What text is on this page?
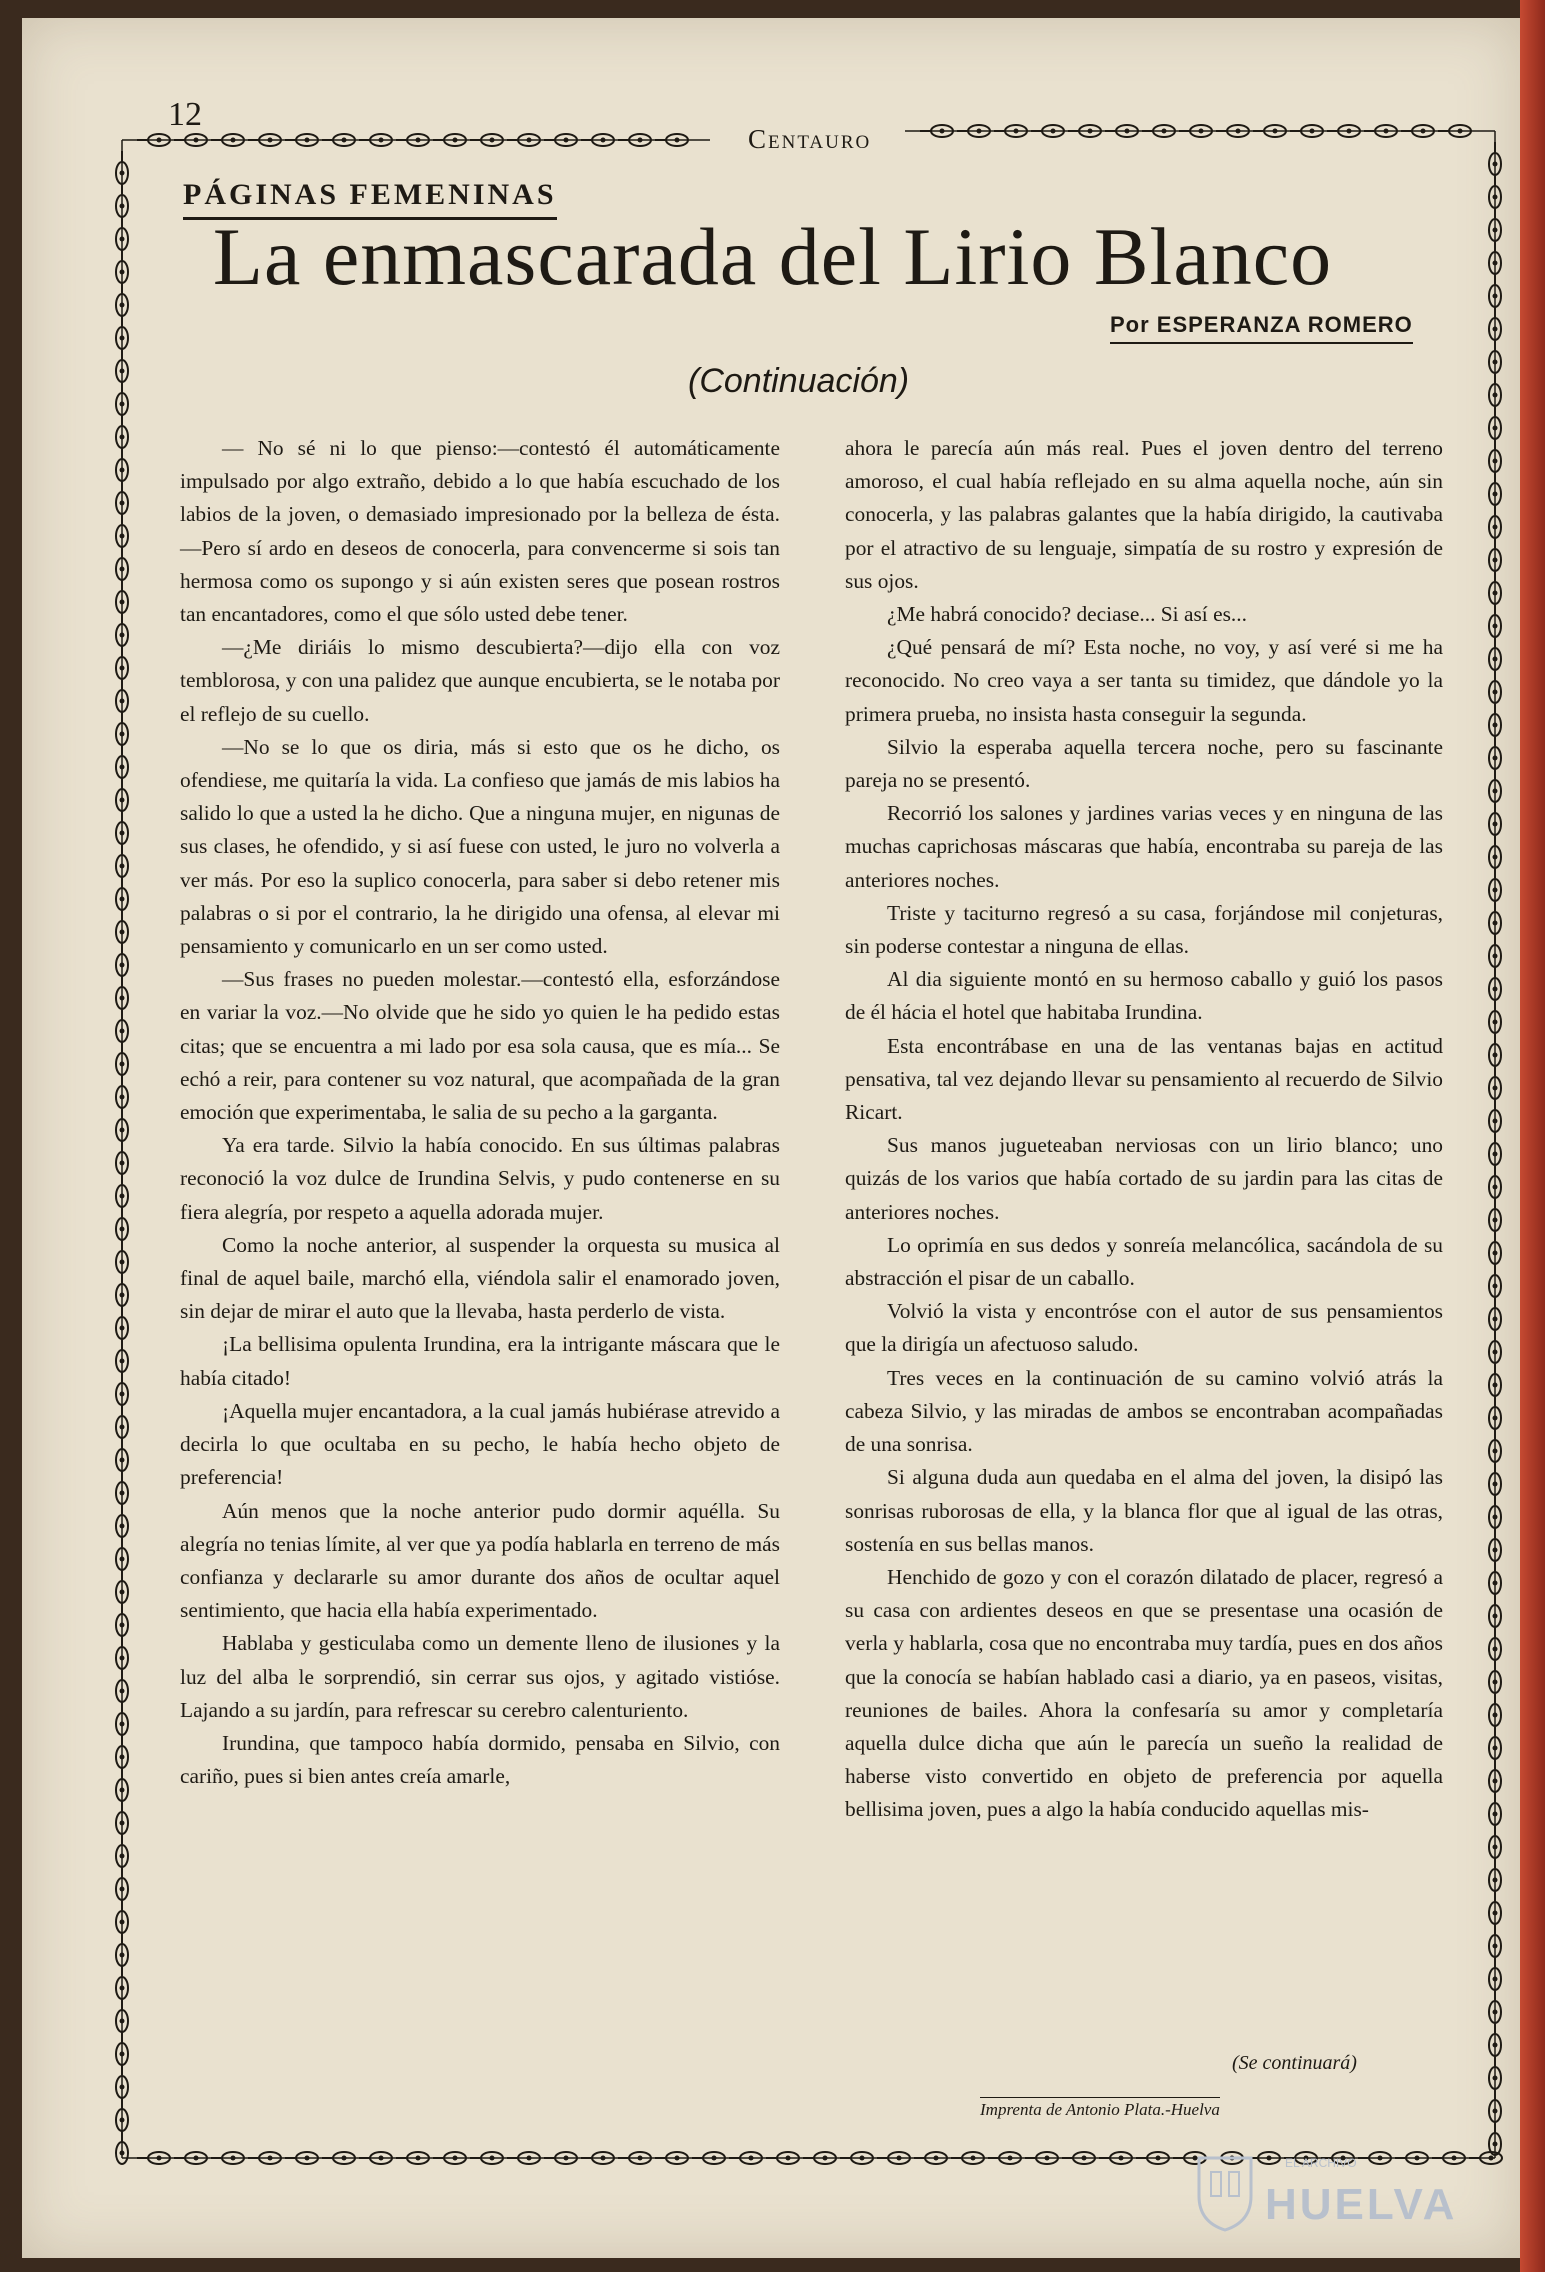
12
Centauro
PÁGINAS FEMENINAS
La enmascarada del Lirio Blanco
Por ESPERANZA ROMERO
(Continuación)

— No sé ni lo que pienso:—contestó él automáticamente impulsado por algo extraño, debido a lo que había escuchado de los labios de la joven, o demasiado impresionado por la belleza de ésta.—Pero sí ardo en deseos de conocerla, para convencerme si sois tan hermosa como os supongo y si aún existen seres que posean rostros tan encantadores, como el que sólo usted debe tener.

—¿Me diriáis lo mismo descubierta?—dijo ella con voz temblorosa, y con una palidez que aunque encubierta, se le notaba por el reflejo de su cuello.

—No se lo que os diria, más si esto que os he dicho, os ofendiese, me quitaría la vida. La confieso que jamás de mis labios ha salido lo que a usted la he dicho. Que a ninguna mujer, en nigunas de sus clases, he ofendido, y si así fuese con usted, le juro no volverla a ver más. Por eso la suplico conocerla, para saber si debo retener mis palabras o si por el contrario, la he dirigido una ofensa, al elevar mi pensamiento y comunicarlo en un ser como usted.

—Sus frases no pueden molestar.—contestó ella, esforzándose en variar la voz.—No olvide que he sido yo quien le ha pedido estas citas; que se encuentra a mi lado por esa sola causa, que es mía... Se echó a reir, para contener su voz natural, que acompañada de la gran emoción que experimentaba, le salia de su pecho a la garganta.

Ya era tarde. Silvio la había conocido. En sus últimas palabras reconoció la voz dulce de Irundina Selvis, y pudo contenerse en su fiera alegría, por respeto a aquella adorada mujer.

Como la noche anterior, al suspender la orquesta su musica al final de aquel baile, marchó ella, viéndola salir el enamorado joven, sin dejar de mirar el auto que la llevaba, hasta perderlo de vista.

¡La bellisima opulenta Irundina, era la intrigante máscara que le había citado!

¡Aquella mujer encantadora, a la cual jamás hubiérase atrevido a decirla lo que ocultaba en su pecho, le había hecho objeto de preferencia!

Aún menos que la noche anterior pudo dormir aquélla. Su alegría no tenias límite, al ver que ya podía hablarla en terreno de más confianza y declararle su amor durante dos años de ocultar aquel sentimiento, que hacia ella había experimentado.

Hablaba y gesticulaba como un demente lleno de ilusiones y la luz del alba le sorprendió, sin cerrar sus ojos, y agitado vistióse. Lajando a su jardín, para refrescar su cerebro calenturiento.

Irundina, que tampoco había dormido, pensaba en Silvio, con cariño, pues si bien antes creía amarle,

ahora le parecía aún más real. Pues el joven dentro del terreno amoroso, el cual había reflejado en su alma aquella noche, aún sin conocerla, y las palabras galantes que la había dirigido, la cautivaba por el atractivo de su lenguaje, simpatía de su rostro y expresión de sus ojos.

¿Me habrá conocido? deciase... Si así es...

¿Qué pensará de mí? Esta noche, no voy, y así veré si me ha reconocido. No creo vaya a ser tanta su timidez, que dándole yo la primera prueba, no insista hasta conseguir la segunda.

Silvio la esperaba aquella tercera noche, pero su fascinante pareja no se presentó.

Recorrió los salones y jardines varias veces y en ninguna de las muchas caprichosas máscaras que había, encontraba su pareja de las anteriores noches.

Triste y taciturno regresó a su casa, forjándose mil conjeturas, sin poderse contestar a ninguna de ellas.

Al dia siguiente montó en su hermoso caballo y guió los pasos de él hácia el hotel que habitaba Irundina.

Esta encontrábase en una de las ventanas bajas en actitud pensativa, tal vez dejando llevar su pensamiento al recuerdo de Silvio Ricart.

Sus manos jugueteaban nerviosas con un lirio blanco; uno quizás de los varios que había cortado de su jardin para las citas de anteriores noches.

Lo oprimía en sus dedos y sonreía melancólica, sacándola de su abstracción el pisar de un caballo.

Volvió la vista y encontróse con el autor de sus pensamientos que la dirigía un afectuoso saludo.

Tres veces en la continuación de su camino volvió atrás la cabeza Silvio, y las miradas de ambos se encontraban acompañadas de una sonrisa.

Si alguna duda aun quedaba en el alma del joven, la disipó las sonrisas ruborosas de ella, y la blanca flor que al igual de las otras, sostenía en sus bellas manos.

Henchido de gozo y con el corazón dilatado de placer, regresó a su casa con ardientes deseos en que se presentase una ocasión de verla y hablarla, cosa que no encontraba muy tardía, pues en dos años que la conocía se habían hablado casi a diario, ya en paseos, visitas, reuniones de bailes. Ahora la confesaría su amor y completaría aquella dulce dicha que aún le parecía un sueño la realidad de haberse visto convertido en objeto de preferencia por aquella bellisima joven, pues a algo la había conducido aquellas mis-

(Se continuará)
Imprenta de Antonio Plata.-Huelva
EL ARCHIVO
HUELVA
